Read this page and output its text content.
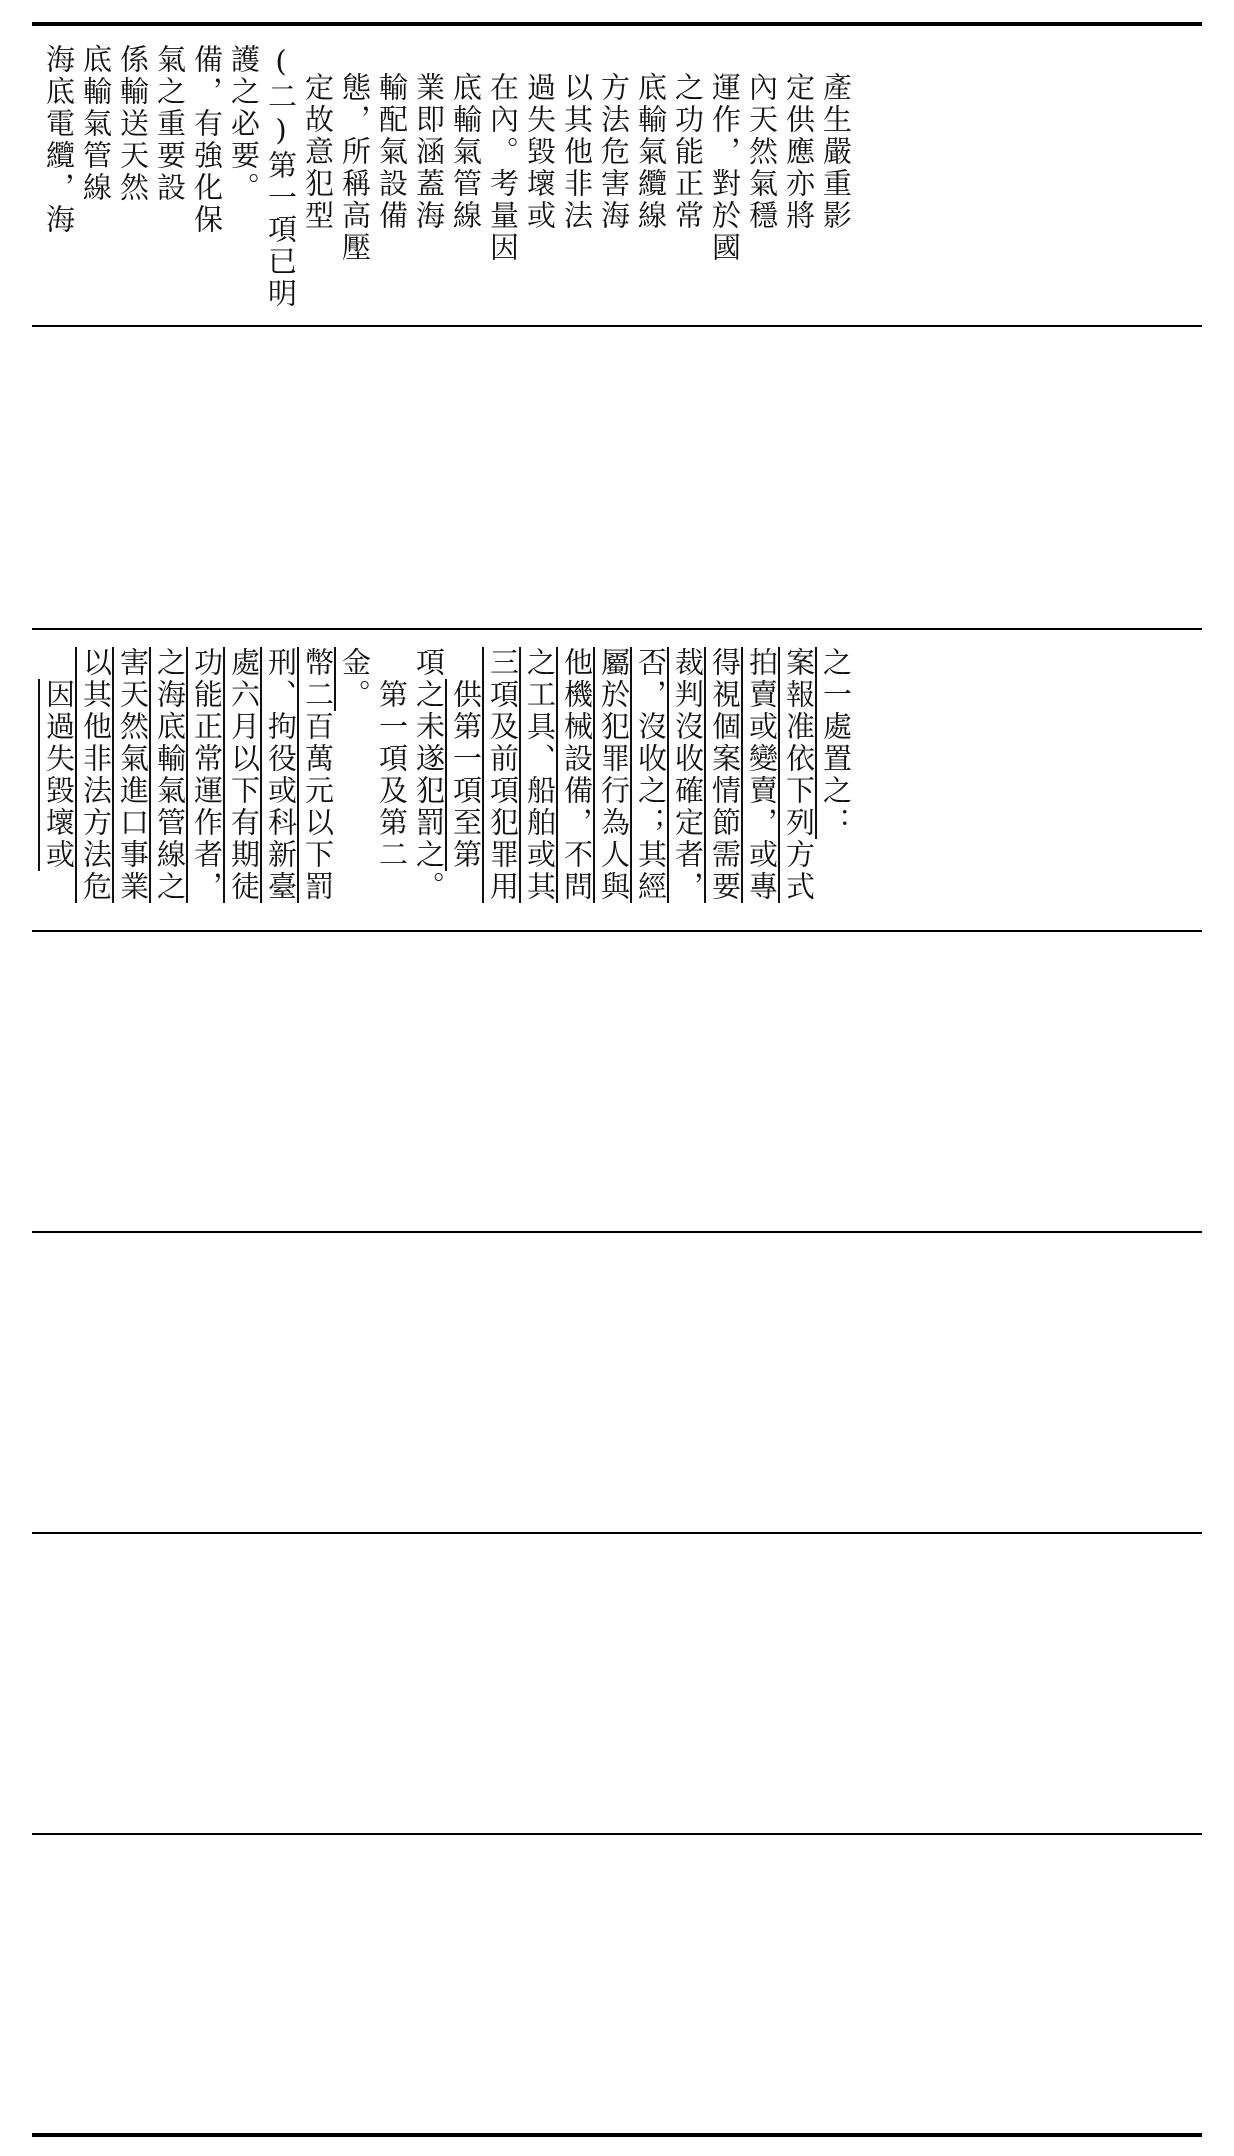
海底電纜，海 底輸氣管線 係輸送天然 氣之重要設 備，有強化保 護之必要。 (二)第一項已明 定故意犯型 態，所稱高壓 輸配氣設備 業即涵蓋海 底輸氣管線 在內。考量因 過失毀壞或 以其他非法 方法危害海 底輸氣纜線 之功能正常 運作，對於國 內天然氣穩 定供應亦將 產生嚴重影
因過失毀壞或 以其他非法方法危 害天然氣進口事業 之海底輸氣管線之 功能正常運作者， 處六月以下有期徒 刑、拘役或科新臺 幣二百萬元以下罰 金。 第一項及第二 項之未遂犯罰之。 供第一項至第 三項及前項犯罪用 之工具、船舶或其 他機械設備，不問 屬於犯罪行為人與 否，沒收之；其經 裁判沒收確定者， 得視個案情節需要 拍賣或變賣，或專 案報准依下列方式 之一處置之：
